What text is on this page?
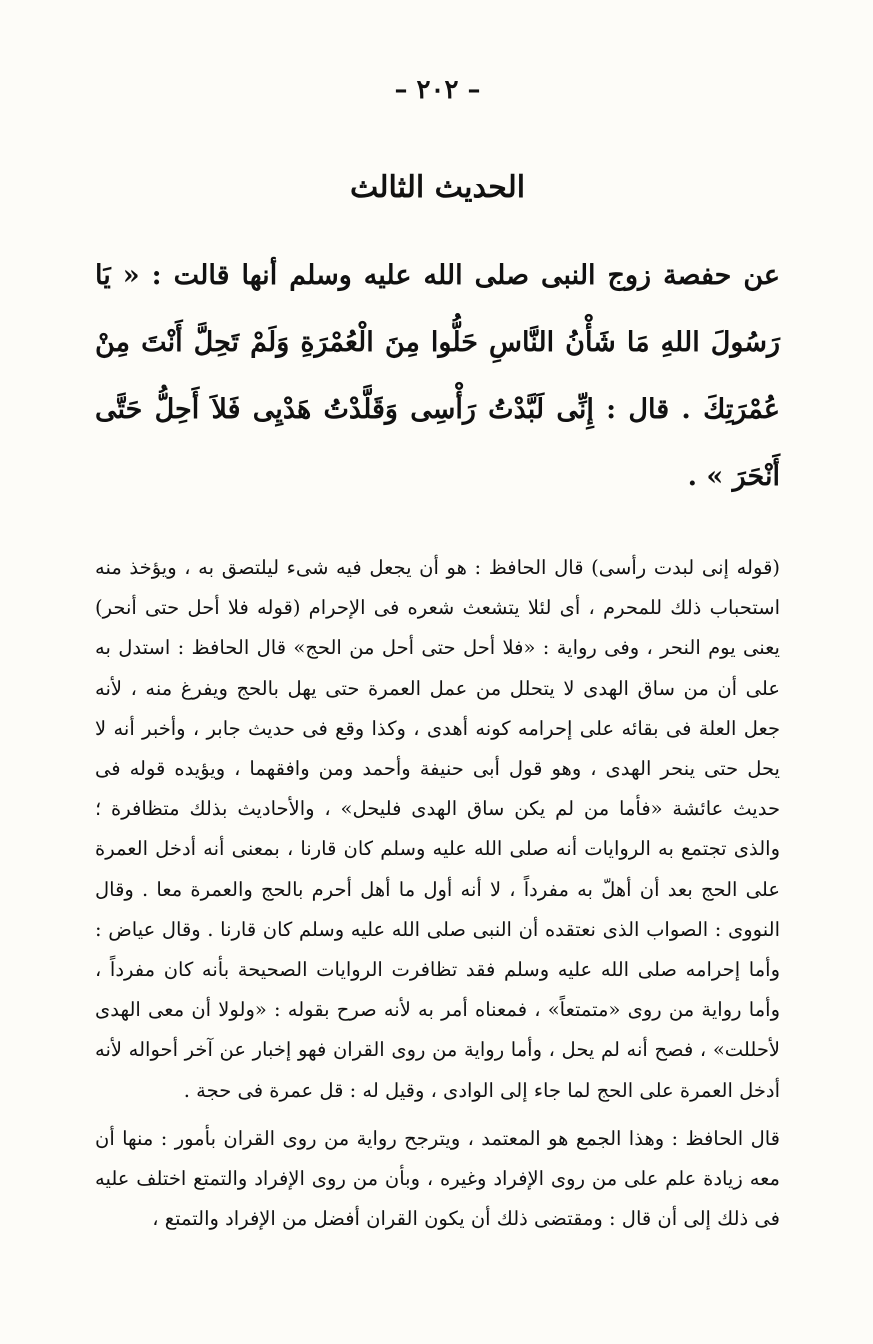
– ٢٠٢ –
الحديث الثالث

عن حفصة زوج النبى صلى الله عليه وسلم أنها قالت : « يَا رَسُولَ اللهِ مَا شَأْنُ النَّاسِ حَلُّوا مِنَ الْعُمْرَةِ وَلَمْ تَحِلَّ أَنْتَ مِنْ عُمْرَتِكَ . قال : إِنِّى لَبَّدْتُ رَأْسِى وَقَلَّدْتُ هَدْيِى فَلاَ أَحِلُّ حَتَّى أَنْحَرَ » .

(قوله إنى لبدت رأسى) قال الحافظ : هو أن يجعل فيه شىء ليلتصق به ، ويؤخذ منه استحباب ذلك للمحرم ، أى لئلا يتشعث شعره فى الإحرام (قوله فلا أحل حتى أنحر) يعنى يوم النحر ، وفى رواية : «فلا أحل حتى أحل من الحج» قال الحافظ : استدل به على أن من ساق الهدى لا يتحلل من عمل العمرة حتى يهل بالحج ويفرغ منه ، لأنه جعل العلة فى بقائه على إحرامه كونه أهدى ، وكذا وقع فى حديث جابر ، وأخبر أنه لا يحل حتى ينحر الهدى ، وهو قول أبى حنيفة وأحمد ومن وافقهما ، ويؤيده قوله فى حديث عائشة «فأما من لم يكن ساق الهدى فليحل» ، والأحاديث بذلك متظافرة ؛ والذى تجتمع به الروايات أنه صلى الله عليه وسلم كان قارنا ، بمعنى أنه أدخل العمرة على الحج بعد أن أهلّ به مفرداً ، لا أنه أول ما أهل أحرم بالحج والعمرة معا . وقال النووى : الصواب الذى نعتقده أن النبى صلى الله عليه وسلم كان قارنا . وقال عياض : وأما إحرامه صلى الله عليه وسلم فقد تظافرت الروايات الصحيحة بأنه كان مفرداً ، وأما رواية من روى «متمتعاً» ، فمعناه أمر به لأنه صرح بقوله : «ولولا أن معى الهدى لأحللت» ، فصح أنه لم يحل ، وأما رواية من روى القران فهو إخبار عن آخر أحواله لأنه أدخل العمرة على الحج لما جاء إلى الوادى ، وقيل له : قل عمرة فى حجة .

قال الحافظ : وهذا الجمع هو المعتمد ، ويترجح رواية من روى القران بأمور : منها أن معه زيادة علم على من روى الإفراد وغيره ، وبأن من روى الإفراد والتمتع اختلف عليه فى ذلك إلى أن قال : ومقتضى ذلك أن يكون القران أفضل من الإفراد والتمتع ،
